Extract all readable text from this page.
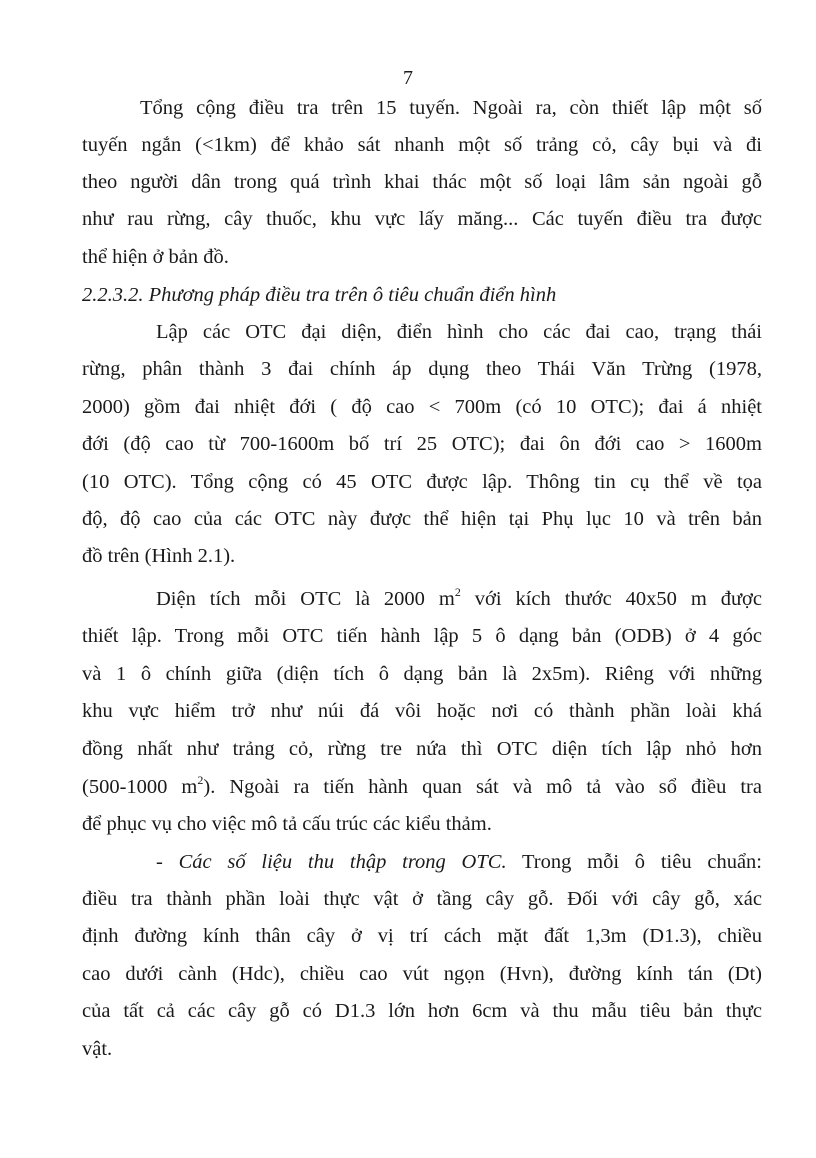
7
Tổng cộng điều tra trên 15 tuyến. Ngoài ra, còn thiết lập một số
tuyến ngắn (<1km) để khảo sát nhanh một số trảng cỏ, cây bụi và đi
theo người dân trong quá trình khai thác một số loại lâm sản ngoài gỗ
như rau rừng, cây thuốc, khu vực lấy măng... Các tuyến điều tra được
thể hiện ở bản đồ.
2.2.3.2. Phương pháp điều tra trên ô tiêu chuẩn điển hình
Lập các OTC đại diện, điển hình cho các đai cao, trạng thái
rừng, phân thành 3 đai chính áp dụng theo Thái Văn Trừng (1978,
2000) gồm đai nhiệt đới ( độ cao < 700m (có 10 OTC); đai á nhiệt
đới (độ cao từ 700-1600m bố trí 25 OTC); đai ôn đới cao > 1600m
(10 OTC). Tổng cộng có 45 OTC được lập. Thông tin cụ thể về tọa
độ, độ cao của các OTC này được thể hiện tại Phụ lục 10 và trên bản
đồ trên (Hình 2.1).
Diện tích mỗi OTC là 2000 $m^2$ với kích thước 40x50 m được
thiết lập. Trong mỗi OTC tiến hành lập 5 ô dạng bản (ODB) ở 4 góc
và 1 ô chính giữa (diện tích ô dạng bản là 2x5m). Riêng với những
khu vực hiểm trở như núi đá vôi hoặc nơi có thành phần loài khá
đồng nhất như trảng cỏ, rừng tre nứa thì OTC diện tích lập nhỏ hơn
(500-1000 $m^2$). Ngoài ra tiến hành quan sát và mô tả vào sổ điều tra
để phục vụ cho việc mô tả cấu trúc các kiểu thảm.
- Các số liệu thu thập trong OTC. Trong mỗi ô tiêu chuẩn:
điều tra thành phần loài thực vật ở tầng cây gỗ. Đối với cây gỗ, xác
định đường kính thân cây ở vị trí cách mặt đất 1,3m (D1.3), chiều
cao dưới cành (Hdc), chiều cao vút ngọn (Hvn), đường kính tán (Dt)
của tất cả các cây gỗ có D1.3 lớn hơn 6cm và thu mẫu tiêu bản thực
vật.
